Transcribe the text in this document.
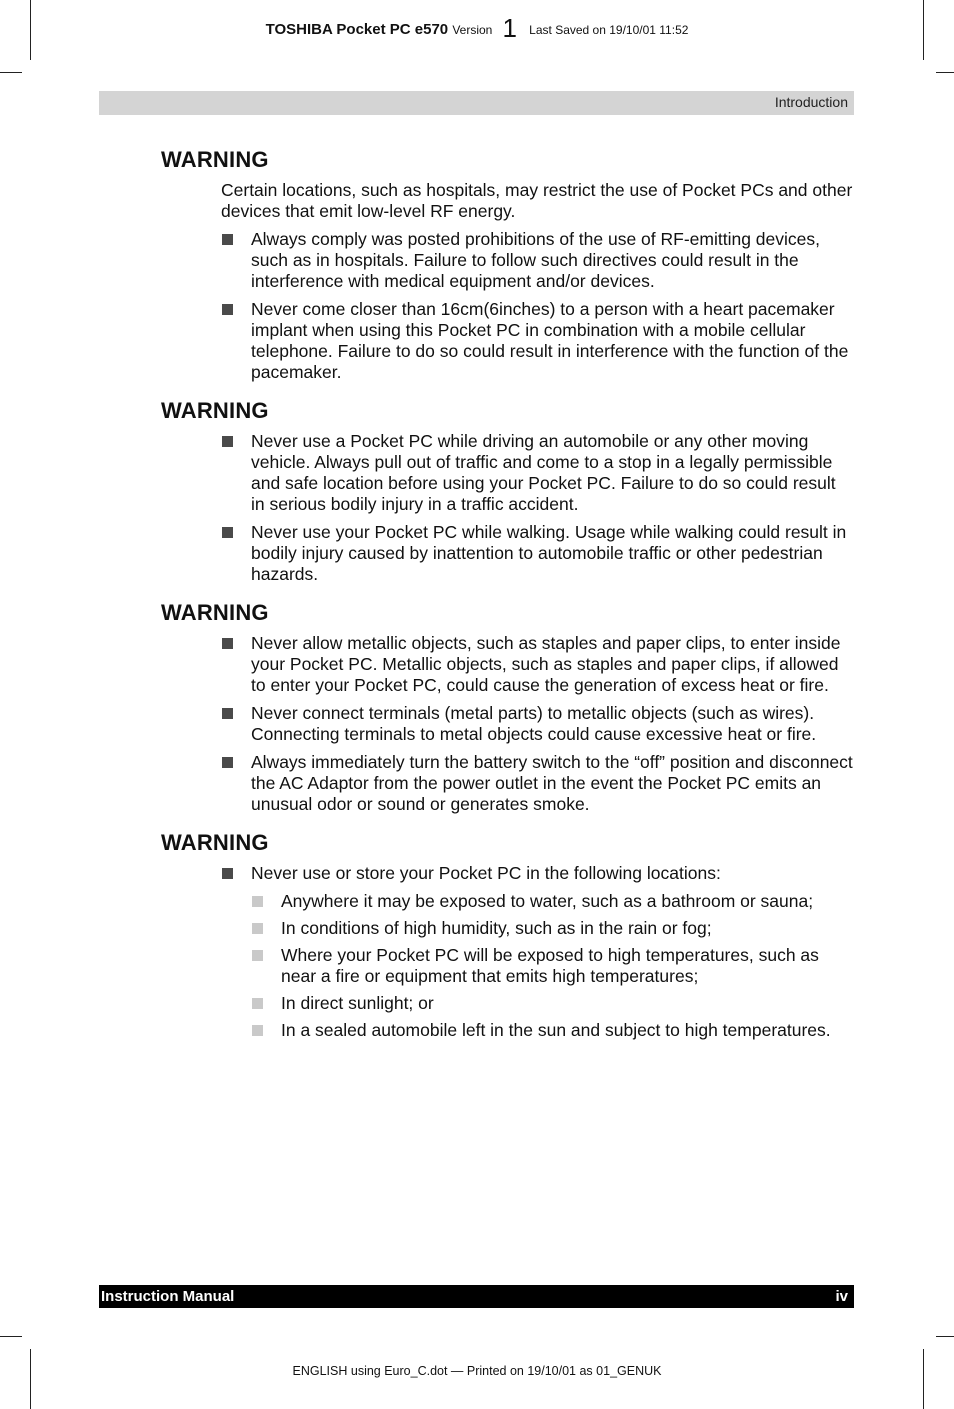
TOSHIBA Pocket PC e570 Version 1 Last Saved on 19/10/01 11:52
Introduction
WARNING

Certain locations, such as hospitals, may restrict the use of Pocket PCs and other devices that emit low-level RF energy.

Always comply was posted prohibitions of the use of RF-emitting devices, such as in hospitals. Failure to follow such directives could result in the interference with medical equipment and/or devices.
Never come closer than 16cm(6inches) to a person with a heart pacemaker implant when using this Pocket PC in combination with a mobile cellular telephone. Failure to do so could result in interference with the function of the pacemaker.
WARNING
Never use a Pocket PC while driving an automobile or any other moving vehicle. Always pull out of traffic and come to a stop in a legally permissible and safe location before using your Pocket PC. Failure to do so could result in serious bodily injury in a traffic accident.
Never use your Pocket PC while walking. Usage while walking could result in bodily injury caused by inattention to automobile traffic or other pedestrian hazards.
WARNING
Never allow metallic objects, such as staples and paper clips, to enter inside your Pocket PC. Metallic objects, such as staples and paper clips, if allowed to enter your Pocket PC, could cause the generation of excess heat or fire.
Never connect terminals (metal parts) to metallic objects (such as wires). Connecting terminals to metal objects could cause excessive heat or fire.
Always immediately turn the battery switch to the “off” position and disconnect the AC Adaptor from the power outlet in the event the Pocket PC emits an unusual odor or sound or generates smoke.
WARNING
Never use or store your Pocket PC in the following locations:
Anywhere it may be exposed to water, such as a bathroom or sauna;
In conditions of high humidity, such as in the rain or fog;
Where your Pocket PC will be exposed to high temperatures, such as near a fire or equipment that emits high temperatures;
In direct sunlight; or
In a sealed automobile left in the sun and subject to high temperatures.
Instruction Manual	iv
ENGLISH using Euro_C.dot — Printed on 19/10/01 as 01_GENUK
